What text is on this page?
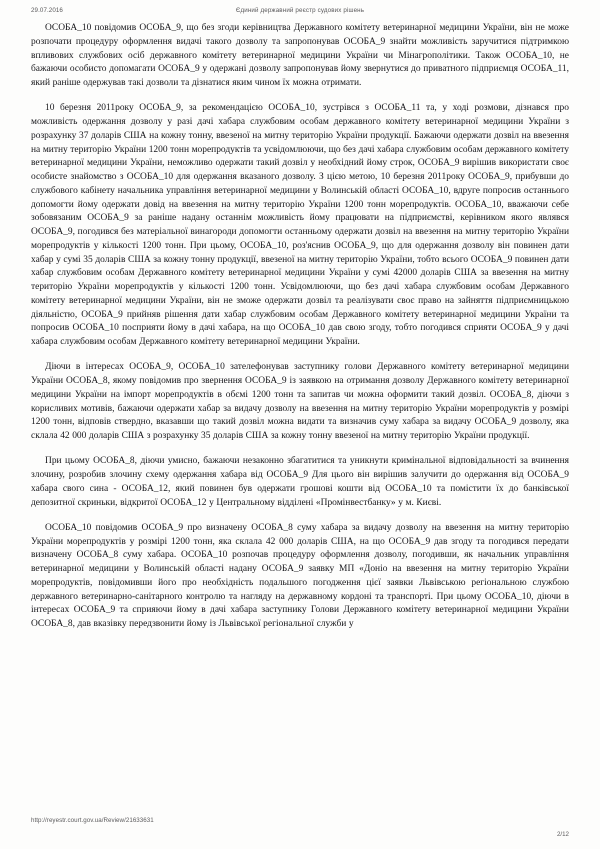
29.07.2016	Єдиний державний реєстр судових рішень

ОСОБА_10 повідомив ОСОБА_9, що без згоди керівництва Державного комітету ветеринарної медицини України, він не може розпочати процедуру оформлення видачі такого дозволу та запропонував ОСОБА_9 знайти можливість заручитися підтримкою впливових службових осіб державного комітету ветеринарної медицини України чи Мінагрополітики. Також ОСОБА_10, не бажаючи особисто допомагати ОСОБА_9 у одержані дозволу запропонував йому звернутися до приватного підприємця ОСОБА_11, який раніше одержував такі дозволи та дізнатися яким чином їх можна отримати.

10 березня 2011року ОСОБА_9, за рекомендацією ОСОБА_10, зустрівся з ОСОБА_11 та, у ході розмови, дізнався про можливість одержання дозволу у разі дачі хабара службовим особам державного комітету ветеринарної медицини України з розрахунку 37 доларів США на кожну тонну, ввезеної на митну територію України продукції. Бажаючи одержати дозвіл на ввезення на митну територію України 1200 тонн морепродуктів та усвідомлюючи, що без дачі хабара службовим особам державного комітету ветеринарної медицини України, неможливо одержати такий дозвіл у необхідний йому строк, ОСОБА_9 вирішив використати своє особисте знайомство з ОСОБА_10 для одержання вказаного дозволу. З цією метою, 10 березня 2011року ОСОБА_9, прибувши до службового кабінету начальника управління ветеринарної медицини у Волинській області ОСОБА_10, вдруге попросив останнього допомогти йому одержати довід на ввезення на митну територію України 1200 тонн морепродуктів. ОСОБА_10, вважаючи себе зобовязаним ОСОБА_9 за раніше надану останнім можливість йому працювати на підприємстві, керівником якого являвся ОСОБА_9, погодився без матеріальної винагороди допомогти останньому одержати дозвіл на ввезення на митну територію України морепродуктів у кількості 1200 тонн. При цьому, ОСОБА_10, роз'яснив ОСОБА_9, що для одержання дозволу він повинен дати хабар у сумі 35 доларів США за кожну тонну продукції, ввезеної на митну територію України, тобто всього ОСОБА_9 повинен дати хабар службовим особам Державного комітету ветеринарної медицини України у сумі 42000 доларів США за ввезення на митну територію України морепродуктів у кількості 1200 тонн. Усвідомлюючи, що без дачі хабара службовим особам Державного комітету ветеринарної медицини України, він не зможе одержати дозвіл та реалізувати своє право на зайняття підприємницькою діяльністю, ОСОБА_9 прийняв рішення дати хабар службовим особам Державного комітету ветеринарної медицини України та попросив ОСОБА_10 посприяти йому в дачі хабара, на що ОСОБА_10 дав свою згоду, тобто погодився сприяти ОСОБА_9 у дачі хабара службовим особам Державного комітету ветеринарної медицини України.

Діючи в інтересах ОСОБА_9, ОСОБА_10 зателефонував заступнику голови Державного комітету ветеринарної медицини України ОСОБА_8, якому повідомив про звернення ОСОБА_9 із заявкою на отримання дозволу Державного комітету ветеринарної медицини України на імпорт морепродуктів в обємі 1200 тонн та запитав чи можна оформити такий дозвіл. ОСОБА_8, діючи з корисливих мотивів, бажаючи одержати хабар за видачу дозволу на ввезення на митну територію України морепродуктів у розмірі 1200 тонн, відповів ствердно, вказавши що такий дозвіл можна видати та визначив суму хабара за видачу ОСОБА_9 дозволу, яка склала 42 000 доларів США з розрахунку 35 доларів США за кожну тонну ввезеної на митну територію України продукції.

При цьому ОСОБА_8, діючи умисно, бажаючи незаконно збагатитися та уникнути кримінальної відповідальності за вчинення злочину, розробив злочину схему одержання хабара від ОСОБА_9 Для цього він вирішив залучити до одержання від ОСОБА_9 хабара свого сина - ОСОБА_12, який повинен був одержати грошові кошти від ОСОБА_10 та помістити їх до банківської депозитної скриньки, відкритої ОСОБА_12 у Центральному відділені «Промінвестбанку» у м. Києві.

ОСОБА_10 повідомив ОСОБА_9 про визначену ОСОБА_8 суму хабара за видачу дозволу на ввезення на митну територію України морепродуктів у розмірі 1200 тонн, яка склала 42 000 доларів США, на що ОСОБА_9 дав згоду та погодився передати визначену ОСОБА_8 суму хабара. ОСОБА_10 розпочав процедуру оформлення дозволу, погодивши, як начальник управління ветеринарної медицини у Волинській області надану ОСОБА_9 заявку МП «Доніо на ввезення на митну територію України морепродуктів, повідомивши його про необхідність подальшого погодження цієї заявки Львівською регіональною службою державного ветеринарно-санітарного контролю та нагляду на державному кордоні та транспорті. При цьому ОСОБА_10, діючи в інтересах ОСОБА_9 та сприяючи йому в дачі хабара заступнику Голови Державного комітету ветеринарної медицини України ОСОБА_8, дав вказівку передзвонити йому із Львівської регіональної служби у

http://reyestr.court.gov.ua/Review/21633631
2/12
